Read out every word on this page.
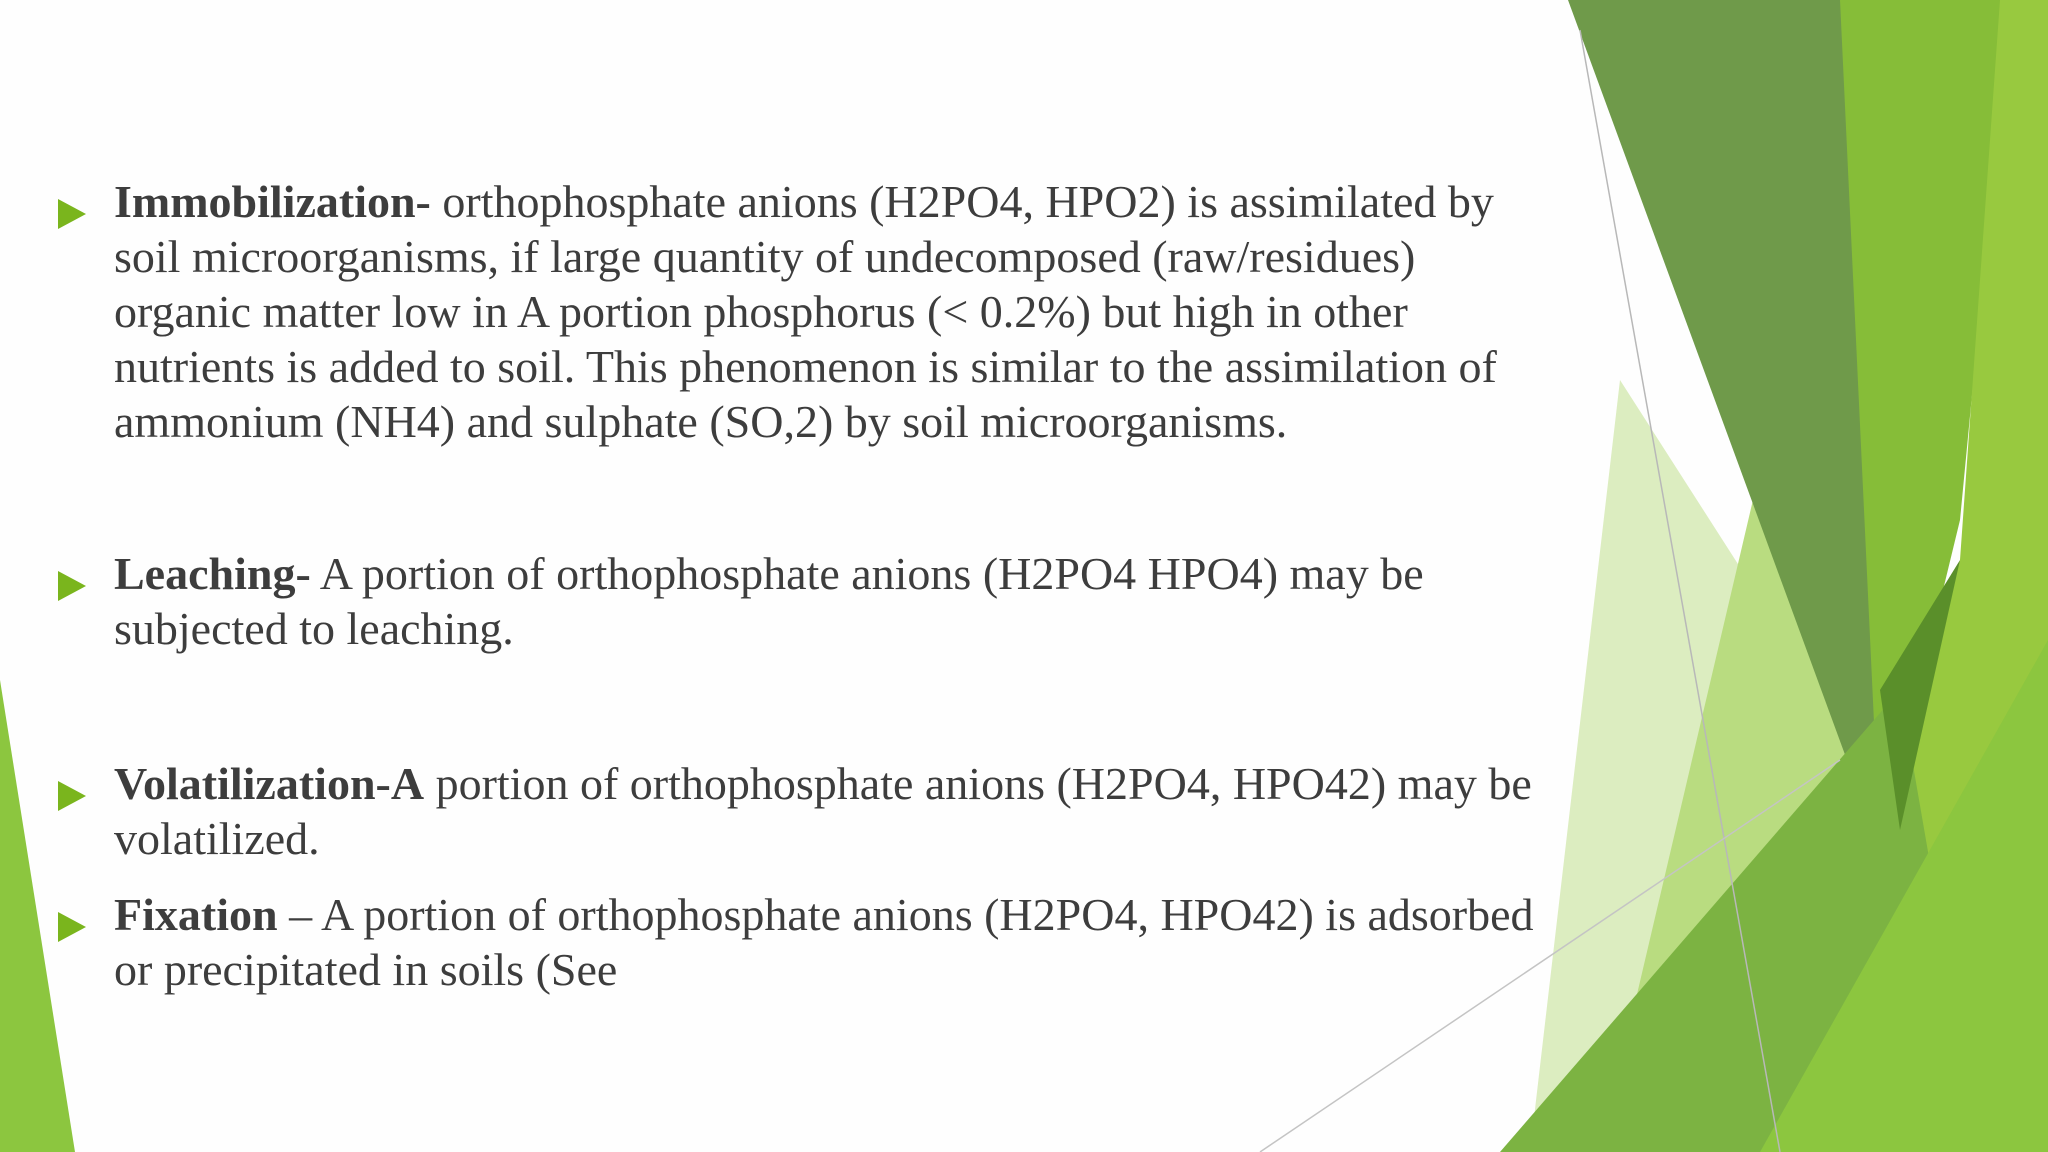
Immobilization- orthophosphate anions (H2PO4, HPO2) is assimilated by
soil microorganisms, if large quantity of undecomposed (raw/residues)
organic matter low in A portion phosphorus (< 0.2%) but high in other
nutrients is added to soil. This phenomenon is similar to the assimilation of
ammonium (NH4) and sulphate (SO,2) by soil microorganisms.
Leaching- A portion of orthophosphate anions (H2PO4 HPO4) may be
subjected to leaching.
Volatilization-A portion of orthophosphate anions (H2PO4, HPO42) may be
volatilized.
Fixation – A portion of orthophosphate anions (H2PO4, HPO42) is adsorbed
or precipitated in soils (See
